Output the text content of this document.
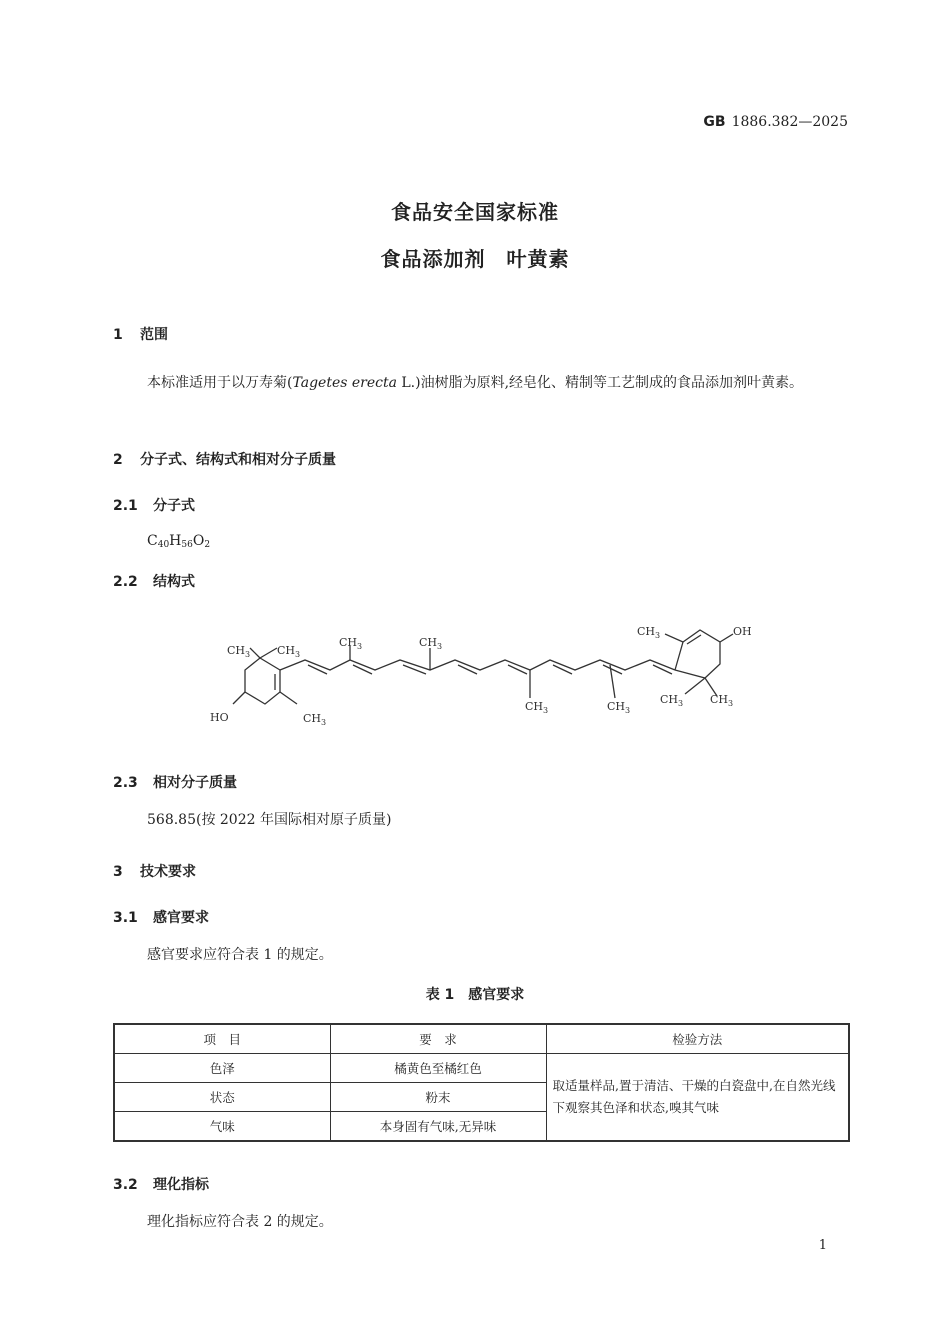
GB 1886.382—2025
食品安全国家标准
食品添加剂　叶黄素
1 范围
本标准适用于以万寿菊(Tagetes erecta L.)油树脂为原料,经皂化、精制等工艺制成的食品添加剂叶黄素。
2 分子式、结构式和相对分子质量
2.1 分子式
$C_{40}H_{56}O_2$
2.2 结构式
$CH_3$ $CH_3$
HO	$CH_3$
$CH_3$	$CH_3$
$CH_3$	$CH_3$
$CH_3$	OH
$CH_3$ $CH_3$
2.3 相对分子质量
568.85(按 2022 年国际相对原子质量)
3 技术要求
3.1 感官要求
感官要求应符合表 1 的规定。
表 1　感官要求
项　目	要　求	检验方法
色泽	橘黄色至橘红色	取适量样品,置于清洁、干燥的白瓷盘中,在自然光线下观察其色泽和状态,嗅其气味
状态	粉末	
气味	本身固有气味,无异味	
3.2 理化指标
理化指标应符合表 2 的规定。
1
